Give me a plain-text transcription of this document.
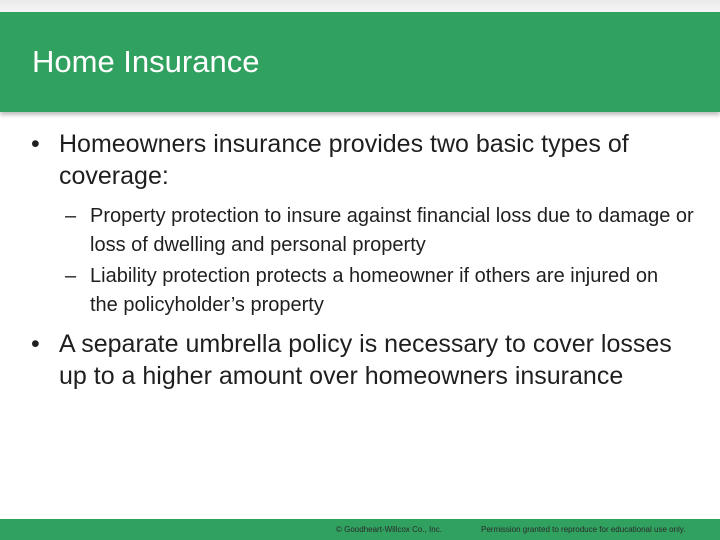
Home Insurance
• Homeowners insurance provides two basic types of coverage:
– Property protection to insure against financial loss due to damage or loss of dwelling and personal property
– Liability protection protects a homeowner if others are injured on the policyholder’s property
• A separate umbrella policy is necessary to cover losses up to a higher amount over homeowners insurance
© Goodheart-Willcox Co., Inc.	Permission granted to reproduce for educational use only.
